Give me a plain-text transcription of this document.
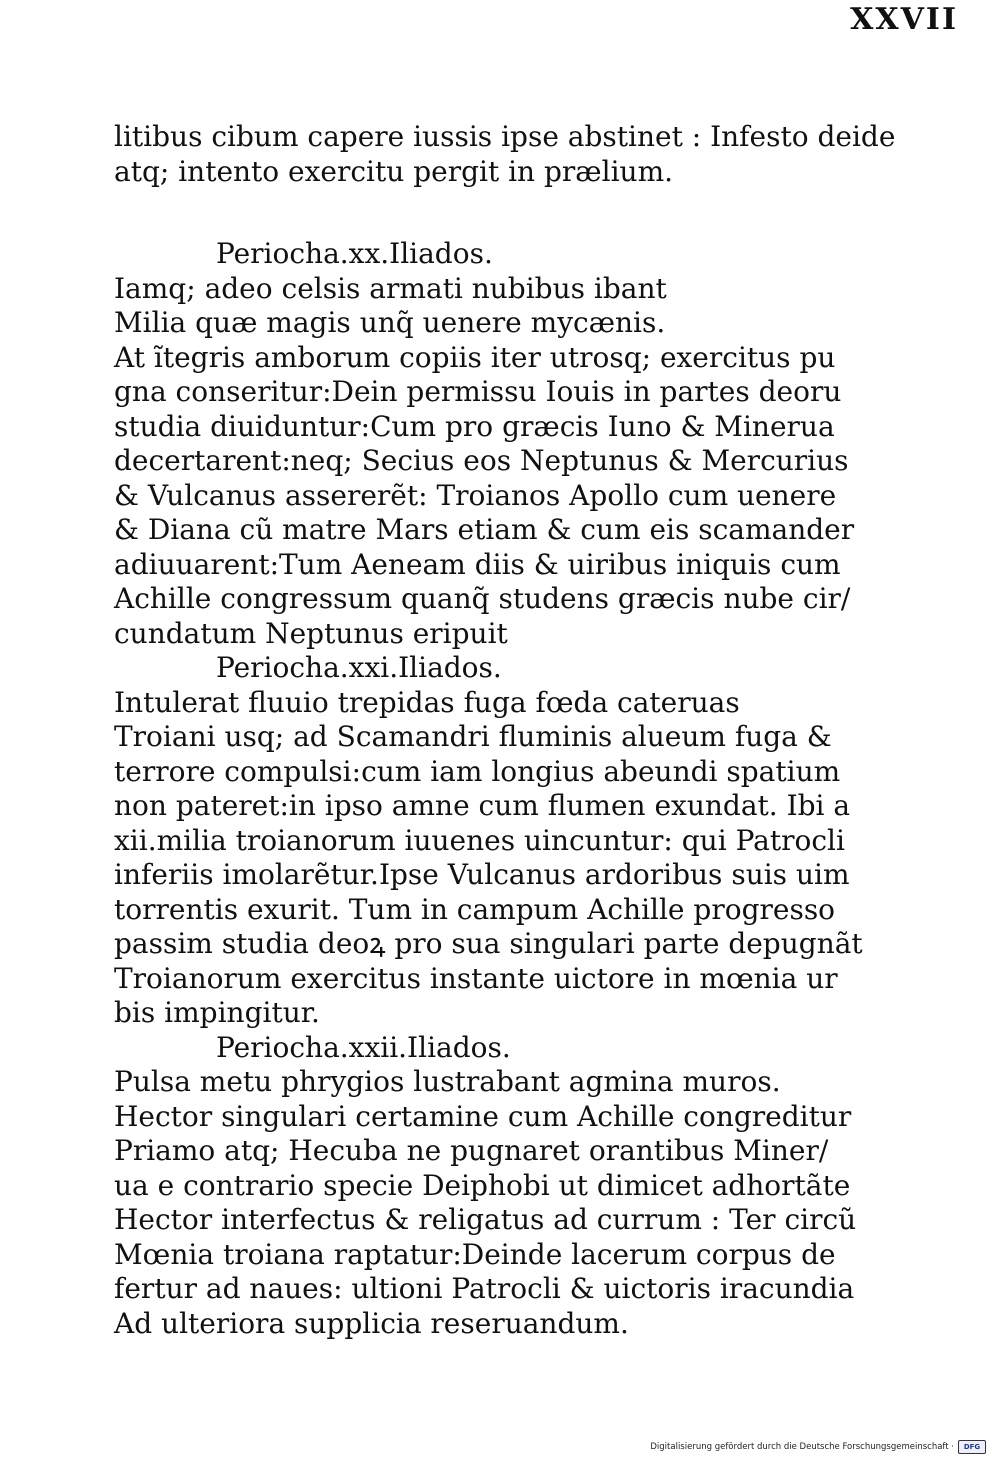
XXVII
litibus cibum capere iussis ipse abstinet : Infesto deide
atq; intento exercitu pergit in prælium.
Periocha.xx.Iliados.
Iamq; adeo celsis armati nubibus ibant
Milia quæ magis unq̃ uenere mycænis.
At ĩtegris amborum copiis iter utrosq; exercitus pu
gna conseritur:Dein permissu Iouis in partes deoru
studia diuiduntur:Cum pro græcis Iuno & Minerua
decertarent:neq; Secius eos Neptunus & Mercurius
& Vulcanus assererẽt: Troianos Apollo cum uenere
& Diana cũ matre Mars etiam & cum eis scamander
adiuuarent:Tum Aeneam diis & uiribus iniquis cum
Achille congressum quanq̃ studens græcis nube cir/
cundatum Neptunus eripuit
Periocha.xxi.Iliados.
Intulerat fluuio trepidas fuga fœda cateruas
Troiani usq; ad Scamandri fluminis alueum fuga &
terrore compulsi:cum iam longius abeundi spatium
non pateret:in ipso amne cum flumen exundat. Ibi a
xii.milia troianorum iuuenes uincuntur: qui Patrocli
inferiis imolarẽtur.Ipse Vulcanus ardoribus suis uim
torrentis exurit. Tum in campum Achille progresso
passim studia deoꝝ pro sua singulari parte depugnãt
Troianorum exercitus instante uictore in mœnia ur
bis impingitur.
Periocha.xxii.Iliados.
Pulsa metu phrygios lustrabant agmina muros.
Hector singulari certamine cum Achille congreditur
Priamo atq; Hecuba ne pugnaret orantibus Miner/
ua e contrario specie Deiphobi ut dimicet adhortãte
Hector interfectus & religatus ad currum : Ter circũ
Mœnia troiana raptatur:Deinde lacerum corpus de
fertur ad naues: ultioni Patrocli & uictoris iracundia
Ad ulteriora supplicia reseruandum.
Digitalisierung gefördert durch die Deutsche Forschungsgemeinschaft ·	DFG
